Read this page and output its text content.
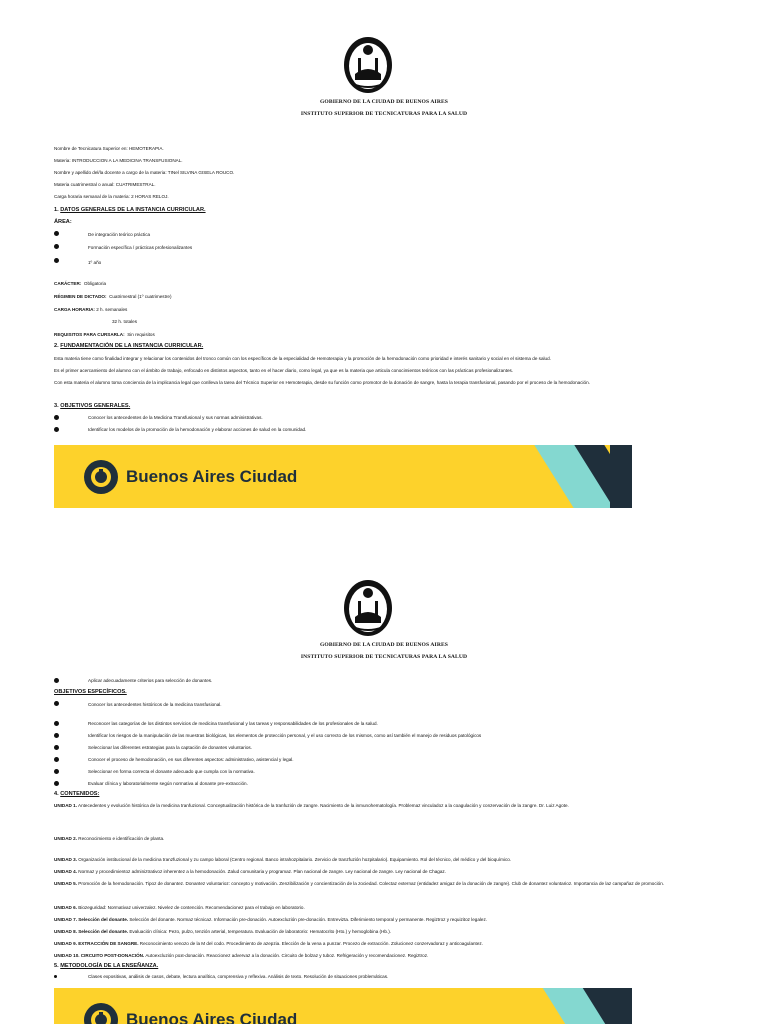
GOBIERNO DE LA CIUDAD DE BUENOS AIRES
INSTITUTO SUPERIOR DE TECNICATURAS PARA LA SALUD
Nombre de Tecnicatura Superior en: HEMOTERAPIA.
Materia: INTRODUCCION A LA MEDICINA TRANSFUSIONAL.
Nombre y apellido del/la docente a cargo de la materia: TINel SILVINA GISELA ROUCO.
Materia cuatrimestral o anual: CUATRIMESTRAL.
Carga horaria semanal de la materia: 2 HORAS RELOJ.
1. DATOS GENERALES DE LA INSTANCIA CURRICULAR.
ÁREA:
De integración teórico práctica
Formación específica / prácticas profesionalizantes
1º año
CARÁCTER: Obligatoria
RÉGIMEN DE DICTADO: Cuatrimestral (1º cuatrimestre)
CARGA HORARIA: 2 h. semanales
32 h. totales
REQUISITOS PARA CURSARLA: Sin requisitos
2. FUNDAMENTACIÓN DE LA INSTANCIA CURRICULAR.
Esta materia tiene como finalidad integrar y relacionar los contenidos del tronco común con los específicos de la especialidad de Hemoterapia y la promoción de la hemodonación como prioridad e interés sanitario y social en el sistema de salud.
Es el primer acercamiento del alumno con el ámbito de trabajo, enfocado en distintos aspectos, tanto en el hacer diario, como legal, ya que es la materia que articula conocimientos teóricos con las prácticas profesionalizantes.
Con esta materia el alumno toma conciencia de la implicancia legal que conlleva la tarea del Técnico Superior en Hemoterapia, desde su función como promotor de la donación de sangre, hasta la terapia transfusional, pasando por el proceso de la hemodonación.
3. OBJETIVOS GENERALES.
Conocer los antecedentes de la Medicina Transfusional y sus normas administrativas.
Identificar los modelos de la promoción de la hemodonación y elaborar acciones de salud en la comunidad.
Buenos Aires Ciudad
GOBIERNO DE LA CIUDAD DE BUENOS AIRES
INSTITUTO SUPERIOR DE TECNICATURAS PARA LA SALUD
Aplicar adecuadamente criterios para selección de donantes.
OBJETIVOS ESPECÍFICOS.
Conocer los antecedentes históricos de la medicina transfusional.
Reconocer las categorías de los distintos servicios de medicina transfusional y las tareas y responsabilidades de los profesionales de la salud.
Identificar los riesgos de la manipulación de las muestras biológicas, los elementos de protección personal, y el uso correcto de los mismos, como así también el manejo de residuos patológicos
Seleccionar las diferentes estrategias para la captación de donantes voluntarios.
Conocer el proceso de hemodonación, en sus diferentes aspectos: administrativo, asistencial y legal.
Seleccionar en forma correcta el donante adecuado que cumpla con la normativa.
Evaluar clínica y laboratorialmente según normativa al donante pre-extracción.
4. CONTENIDOS:
UNIDAD 1. Antecedentes y evolución histórica de la medicina tranfuzional. Conceptualización histórica de la tranfuzión de zangre. Nacimiento de la inmunohematología. Problemaz vinculadoz a la coagulación y conzervación de la zangre. Dr. Luiz Agote.
UNIDAD 2. Reconocimiento e identificación de planta.
UNIDAD 3. Organización institucional de la medicina tranzfuzional y zu campo laboral (Centro regional. Banco intrahozpitalario. Zervicio de tranzfuzión hozpitalario). Equipamiento. Rol del técnico, del médico y del bioquímico.
UNIDAD 4. Normaz y procedimientoz adminiztrativoz inherentez a la hemodonación. Zalud comunitaria y programaz. Plan nacional de zangre. Ley nacional de zangre. Ley nacional de Chagaz.
UNIDAD 5. Promoción de la hemodonación. Tipoz de donantez. Donantez voluntarioz: concepto y motivación. Zenzibilización y concientización de la zociedad. Colectaz externaz (entidadez amigaz de la donación de zangre). Club de donantez voluntarioz. Importancia de laz campañaz de promoción.
UNIDAD 6. Biozeguridad: Normativaz univerzalez. Nivelez de contención. Recomendacionez para el trabajo en laboratorio.
UNIDAD 7. Selección del donante. Selección del donante. Normaz técnicaz. Información pre-donación. Autoexcluzión pre-donación. Entreviztа. Diferimiento temporal y permanente. Regiztroz y requizitoz legalez.
UNIDAD 8. Selección del donante. Evaluación clínica: Pezo, pulzo, tenzión arterial, temperatura. Evaluación de laboratorio: Hematocrito (Hto.) y hemoglobina (Hb.).
UNIDAD 9. EXTRACCIÓN DE SANGRE. Reconocimiento venozo de la M del codo. Procedimiento de azepzia. Elección de la vena a punzar. Procezo de extracción. Zolucionez conzervadoraz y anticoagulantez.
UNIDAD 10. CIRCUITO POST-DONACIÓN. Autoexcluzión poзt-donación. Reaccionez advervaz a la donación. Circuito de bolzaz y tuboz. Refrigeración y recomendacionez. Regiztroz.
5. METODOLOGÍA DE LA ENSEÑANZA.
Clases expositivas, análisis de casos, debate, lectura analítica, comprensiva y reflexiva. Análisis de texto. Resolución de situaciones problemáticas.
Buenos Aires Ciudad
